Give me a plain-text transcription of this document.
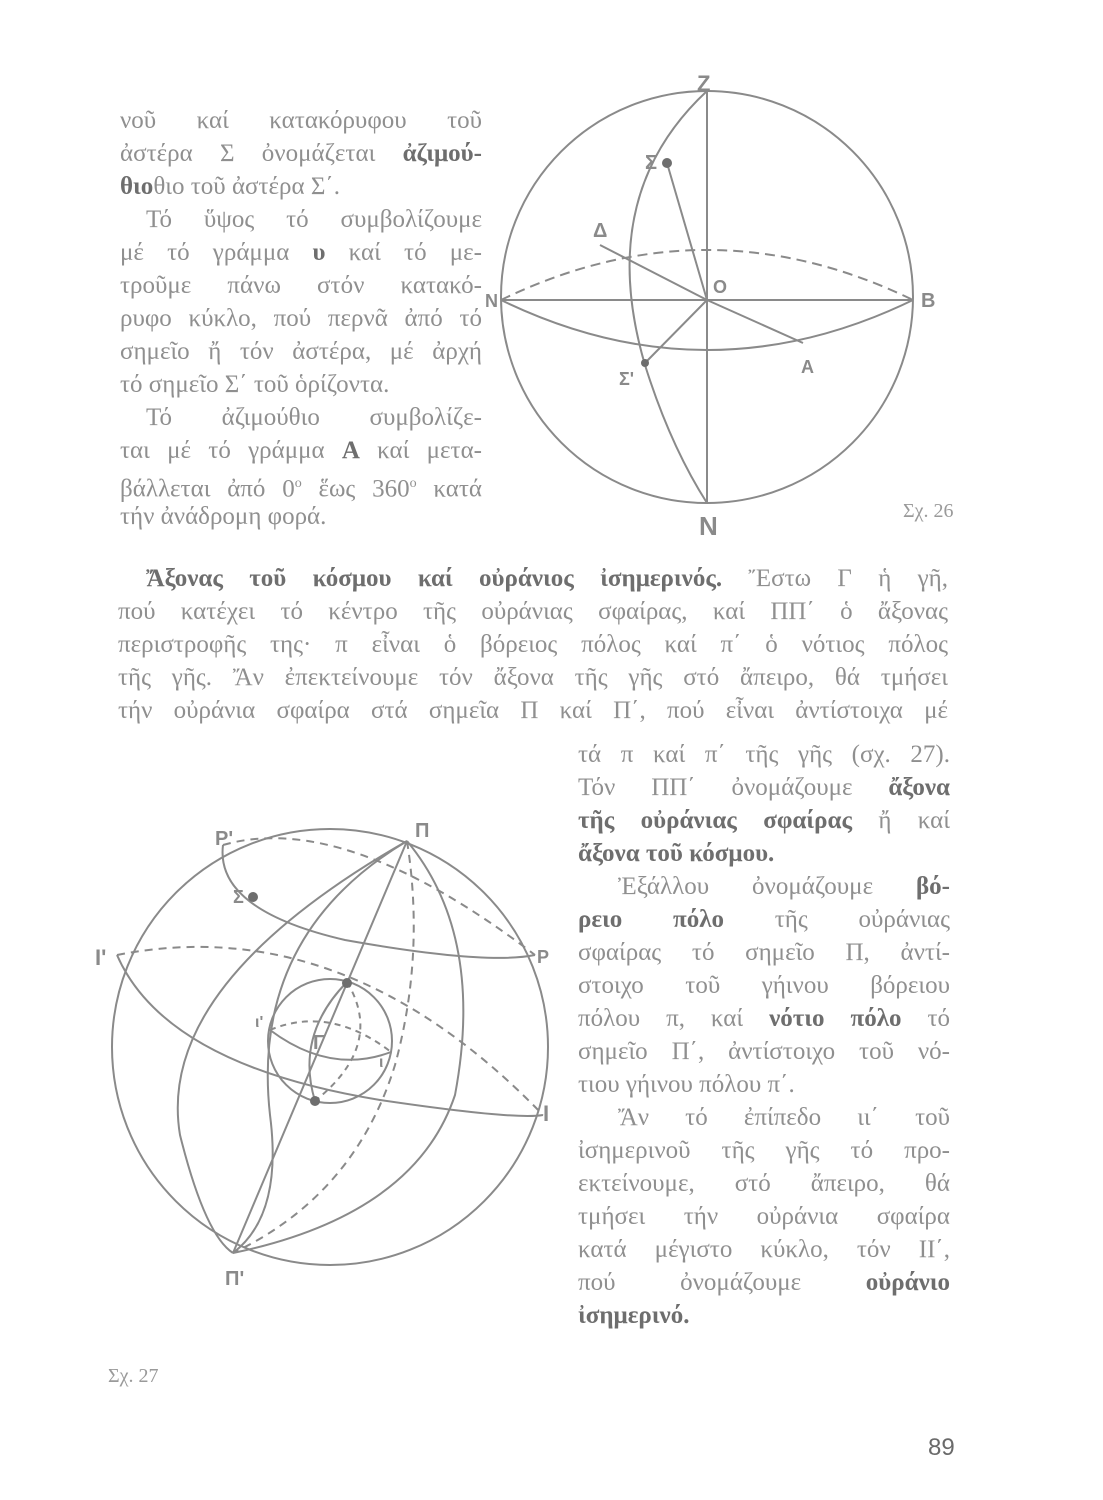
νοῦ καί κατακόρυφου τοῦ
ἀστέρα Σ ὀνομάζεται ἀζιμού-
θιοθιο τοῦ ἀστέρα Σ΄.
Τό ὕψος τό συμβολίζουμε
μέ τό γράμμα υ καί τό με-
τροῦμε πάνω στόν κατακό-
ρυφο κύκλο, πού περνᾶ ἀπό τό
σημεῖο ἤ τόν ἀστέρα, μέ ἀρχή
τό σημεῖο Σ΄ τοῦ ὁρίζοντα.
Τό ἀζιμούθιο συμβολίζε-
ται μέ τό γράμμα Α καί μετα-
βάλλεται ἀπό $0^o$ ἕως $360^o$ κατά
τήν ἀνάδρομη φορά.
Z
Σ
Δ
O
N	B
Σ'
A
N	Σχ. 26
Ἄξονας τοῦ κόσμου καί οὐράνιος ἰσημερινός. Ἔστω Γ ἡ γῆ,
πού κατέχει τό κέντρο τῆς οὐράνιας σφαίρας, καί ΠΠ΄ ὁ ἄξονας
περιστροφῆς της· π εἶναι ὁ βόρειος πόλος καί π΄ ὁ νότιος πόλος
τῆς γῆς. Ἄν ἐπεκτείνουμε τόν ἄξονα τῆς γῆς στό ἄπειρο, θά τμήσει
τήν οὐράνια σφαίρα στά σημεῖα Π καί Π΄, πού εἶναι ἀντίστοιχα μέ
τά π καί π΄ τῆς γῆς (σχ. 27).
Τόν ΠΠ΄ ὀνομάζουμε ἄξονα
τῆς οὐράνιας σφαίρας ἤ καί
ἄξονα τοῦ κόσμου.
Ἐξάλλου ὀνομάζουμε βό-
ρειο πόλο τῆς οὐράνιας
σφαίρας τό σημεῖο Π, ἀντί-
στοιχο τοῦ γήινου βόρειου
πόλου π, καί νότιο πόλο τό
σημεῖο Π΄, ἀντίστοιχο τοῦ νό-
τιου γήινου πόλου π΄.
Ἄν τό ἐπίπεδο ιι΄ τοῦ
ἰσημερινοῦ τῆς γῆς τό προ-
εκτείνουμε, στό ἄπειρο, θά
τμήσει τήν οὐράνια σφαίρα
κατά μέγιστο κύκλο, τόν ΙΙ΄,
πού ὀνομάζουμε οὐράνιο
ἰσημερινό.
P'	Π
Σ
Ι'	P
ι'
Γ
ι
Ι
Π'
Σχ. 27
89
